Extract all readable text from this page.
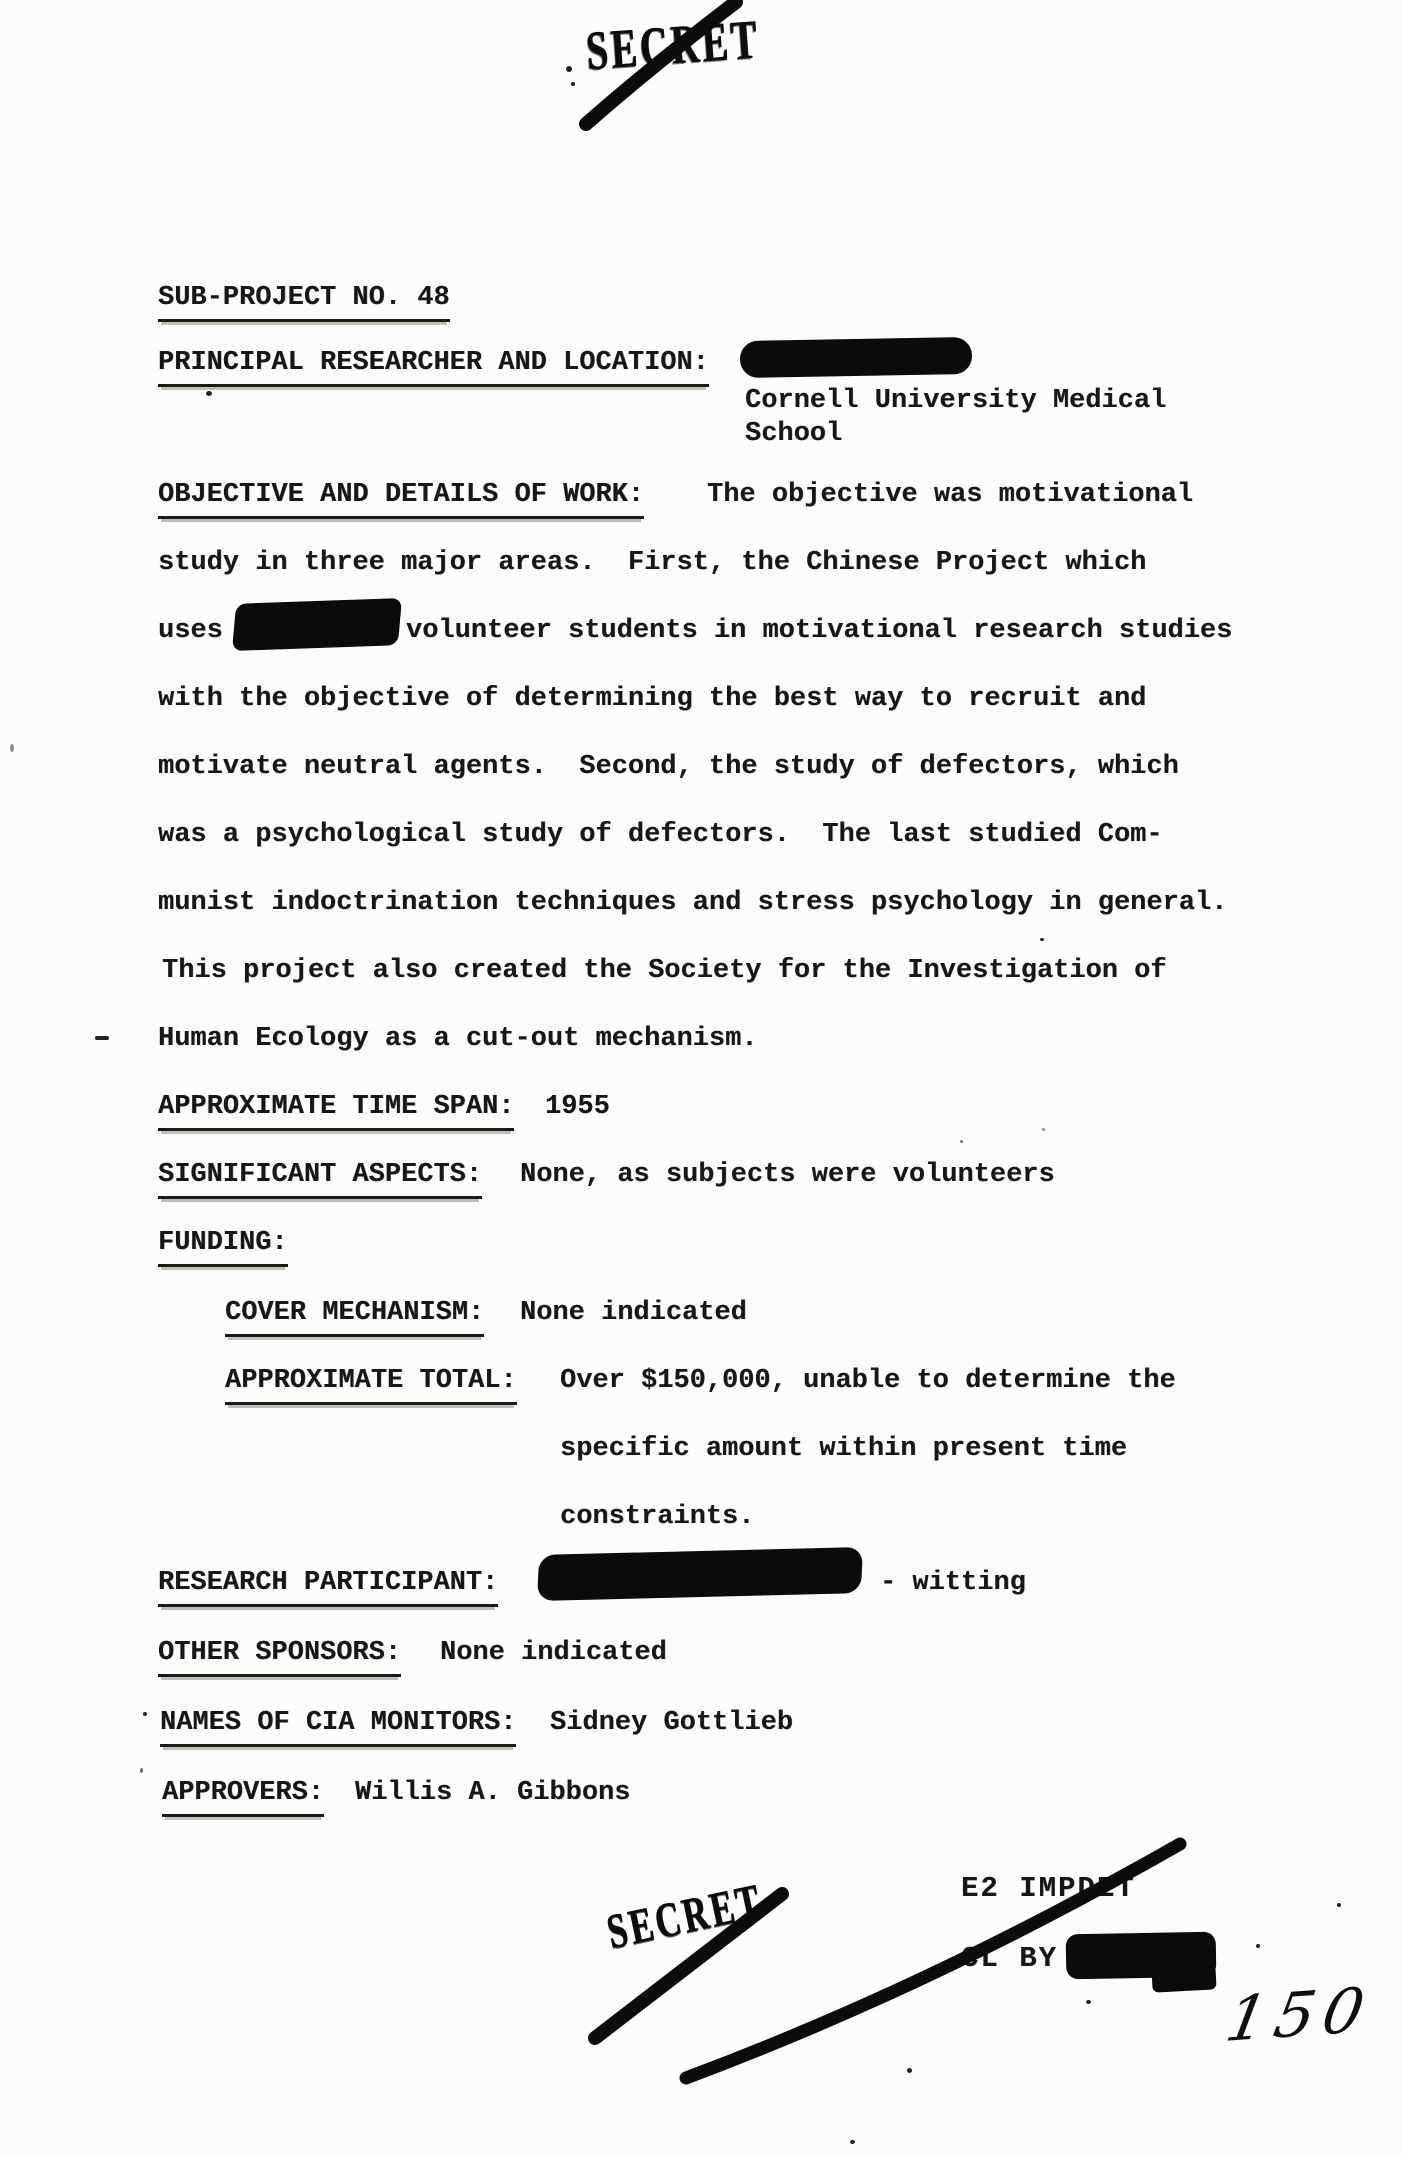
SECRET
SUB-PROJECT NO. 48
PRINCIPAL RESEARCHER AND LOCATION:
Cornell University Medical
School
OBJECTIVE AND DETAILS OF WORK: The objective was motivational
study in three major areas.  First, the Chinese Project which
uses	volunteer students in motivational research studies
with the objective of determining the best way to recruit and
motivate neutral agents.  Second, the study of defectors, which
was a psychological study of defectors.  The last studied Com-
munist indoctrination techniques and stress psychology in general.
This project also created the Society for the Investigation of
Human Ecology as a cut-out mechanism.
APPROXIMATE TIME SPAN: 1955
SIGNIFICANT ASPECTS: None, as subjects were volunteers
FUNDING:
COVER MECHANISM: None indicated
APPROXIMATE TOTAL: Over $150,000, unable to determine the
specific amount within present time
constraints.
RESEARCH PARTICIPANT:	- witting
OTHER SPONSORS: None indicated
NAMES OF CIA MONITORS: Sidney Gottlieb
APPROVERS: Willis A. Gibbons
SECRET	E2 IMPDET
CL BY
150
